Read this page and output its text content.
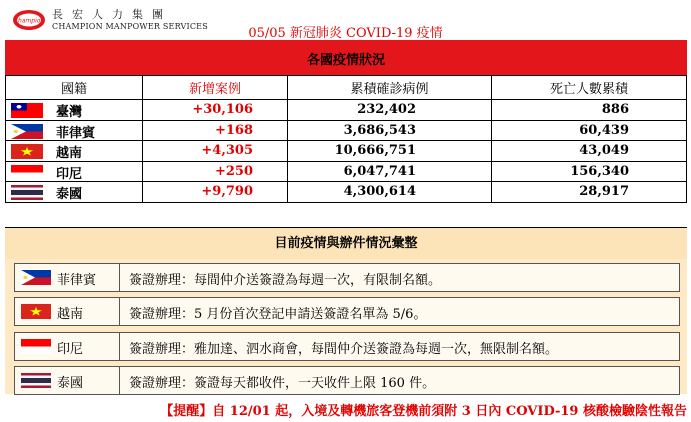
Champion 長宏人力集團
CHAMPION MANPOWER SERVICES	05/05 新冠肺炎 COVID-19 疫情
各國疫情狀況			
國籍	新增案例	累積確診病例	死亡人數累積

臺灣	+30,106	232,402	886

菲律賓	+168	3,686,543	60,439

越南	+4,305	10,666,751	43,049

印尼	+250	6,047,741	156,340

泰國	+9,790	4,300,614	28,917
目前疫情與辦件情況彙整
菲律賓	簽證辦理：每間仲介送簽證為每週一次，有限制名額。
越南	簽證辦理：5 月份首次登記申請送簽證名單為 5/6。
印尼	簽證辦理：雅加達、泗水商會，每間仲介送簽證為每週一次，無限制名額。
泰國	簽證辦理：簽證每天都收件，一天收件上限 160 件。
【提醒】自 12/01 起，入境及轉機旅客登機前須附 3 日內 COVID-19 核酸檢驗陰性報告
